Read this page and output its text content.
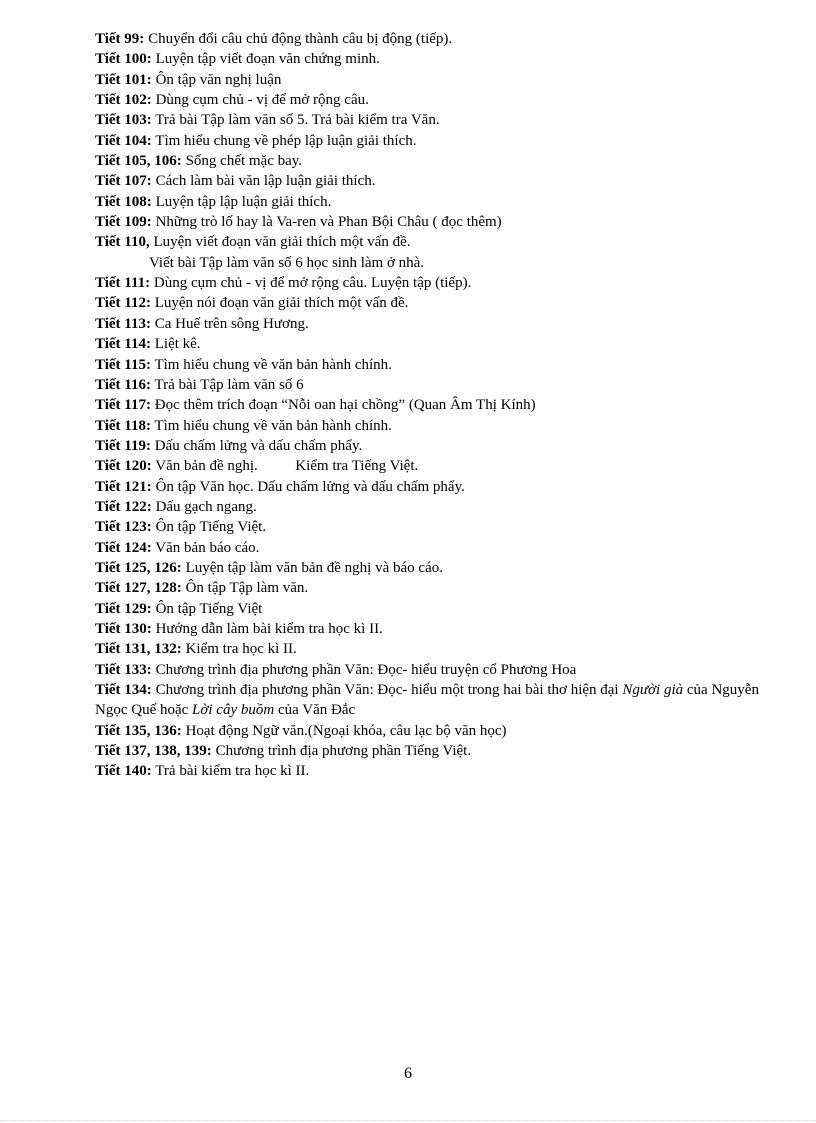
Tiết 99: Chuyển đổi câu chủ động thành câu bị động (tiếp).
Tiết 100: Luyện tập viết đoạn văn chứng minh.
Tiết 101: Ôn tập văn nghị luận
Tiết 102: Dùng cụm chủ - vị để mở rộng câu.
Tiết 103: Trả bài Tập làm văn số 5. Trả bài kiểm tra Văn.
Tiết 104: Tìm hiểu chung về phép lập luận giải thích.
Tiết 105, 106: Sống chết mặc bay.
Tiết 107: Cách làm bài văn lập luận giải thích.
Tiết 108: Luyện tập lập luận giải thích.
Tiết 109: Những trò lố hay là Va-ren và Phan Bội Châu ( đọc thêm)
Tiết 110, Luyện viết đoạn văn giải thích một vấn đề.
Viết bài Tập làm văn số 6 học sinh làm ở nhà.
Tiết 111: Dùng cụm chủ - vị để mở rộng câu. Luyện tập (tiếp).
Tiết 112: Luyện nói đoạn văn giải thích một vấn đề.
Tiết 113: Ca Huế trên sông Hương.
Tiết 114: Liệt kê.
Tiết 115: Tìm hiểu chung về văn bản hành chính.
Tiết 116: Trả bài Tập làm văn số 6
Tiết 117: Đọc thêm trích đoạn “Nỗi oan hại chồng” (Quan Âm Thị Kính)
Tiết 118: Tìm hiểu chung về văn bản hành chính.
Tiết 119: Dấu chấm lửng và dấu chấm phẩy.
Tiết 120: Văn bản đề nghị.          Kiểm tra Tiếng Việt.
Tiết 121: Ôn tập Văn học. Dấu chấm lửng và dấu chấm phẩy.
Tiết 122: Dấu gạch ngang.
Tiết 123: Ôn tập Tiếng Việt.
Tiết 124: Văn bản báo cáo.
Tiết 125, 126: Luyện tập làm văn bản đề nghị và báo cáo.
Tiết 127, 128: Ôn tập Tập làm văn.
Tiết 129: Ôn tập Tiếng Việt
Tiết 130: Hướng dẫn làm bài kiểm tra học kì II.
Tiết 131, 132: Kiểm tra học kì II.
Tiết 133: Chương trình địa phương phần Văn: Đọc- hiểu truyện cổ Phương Hoa
Tiết 134: Chương trình địa phương phần Văn: Đọc- hiểu một trong hai bài thơ hiện đại Người già của Nguyễn Ngọc Quế hoặc Lời cây buồm của Văn Đắc
Tiết 135, 136: Hoạt động Ngữ văn.(Ngoại khóa, câu lạc bộ văn học)
Tiết 137, 138, 139: Chương trình địa phương phần Tiếng Việt.
Tiết 140: Trả bài kiểm tra học kì II.
6
